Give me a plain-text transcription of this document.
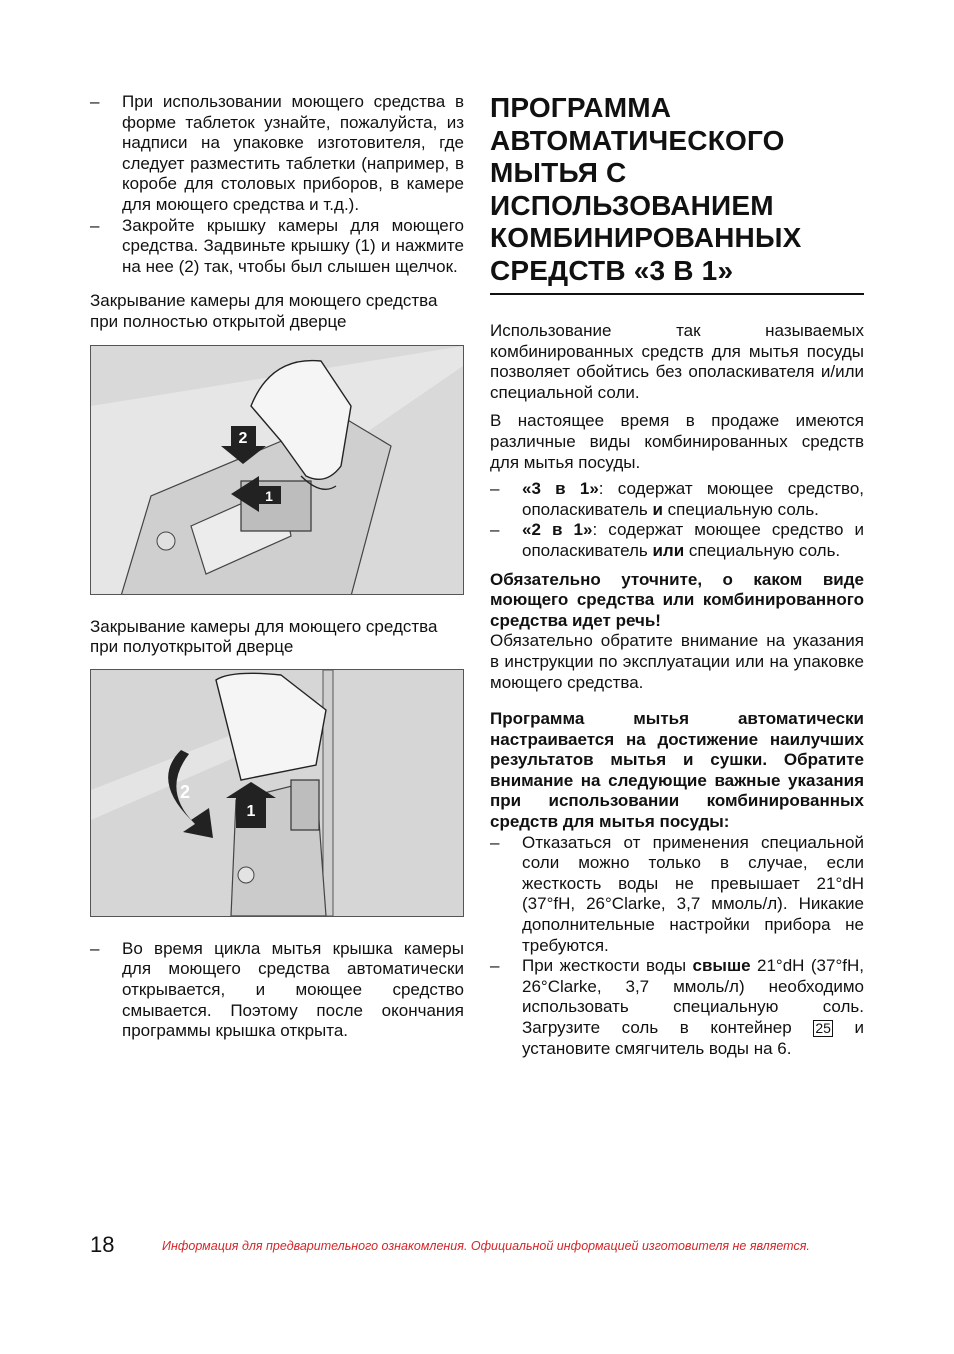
– При использовании моющего средства в форме таблеток узнайте, пожалуйста, из надписи на упаковке изготовителя, где следует разместить таблетки (например, в коробе для столовых приборов, в камере для моющего средства и т.д.).
– Закройте крышку камеры для моющего средства. Задвиньте крышку (1) и нажмите на нее (2) так, чтобы был слышен щелчок.
Закрывание камеры для моющего средства при полностью открытой дверце
2
1
Закрывание камеры для моющего средства при полуоткрытой дверце
2
1
– Во время цикла мытья крышка камеры для моющего средства автоматически открывается, и моющее средство смывается. Поэтому после окончания программы крышка открыта.
ПРОГРАММА АВТОМАТИЧЕСКОГО МЫТЬЯ С ИСПОЛЬЗОВАНИЕМ КОМБИНИРОВАННЫХ СРЕДСТВ «3 В 1»
Использование так называемых комбинированных средств для мытья посуды позволяет обойтись без ополаскивателя и/или специальной соли.
В настоящее время в продаже имеются различные виды комбинированных средств для мытья посуды.
– «3 в 1»: содержат моющее средство, ополаскиватель и специальную соль.
– «2 в 1»: содержат моющее средство и ополаскиватель или специальную соль.
Обязательно уточните, о каком виде моющего средства или комбинированного средства идет речь!
Обязательно обратите внимание на указания в инструкции по эксплуатации или на упаковке моющего средства.
Программа мытья автоматически настраивается на достижение наилучших результатов мытья и сушки. Обратите внимание на следующие важные указания при использовании комбинированных средств для мытья посуды:
– Отказаться от применения специальной соли можно только в случае, если жесткость воды не превышает 21°dH (37°fH, 26°Clarke, 3,7 ммоль/л). Никакие дополнительные настройки прибора не требуются.
– При жесткости воды свыше 21°dH (37°fH, 26°Clarke, 3,7 ммоль/л) необходимо использовать специальную соль. Загрузите соль в контейнер 25 и установите смягчитель воды на 6.
18	Информация для предварительного ознакомления. Официальной информацией изготовителя не является.
